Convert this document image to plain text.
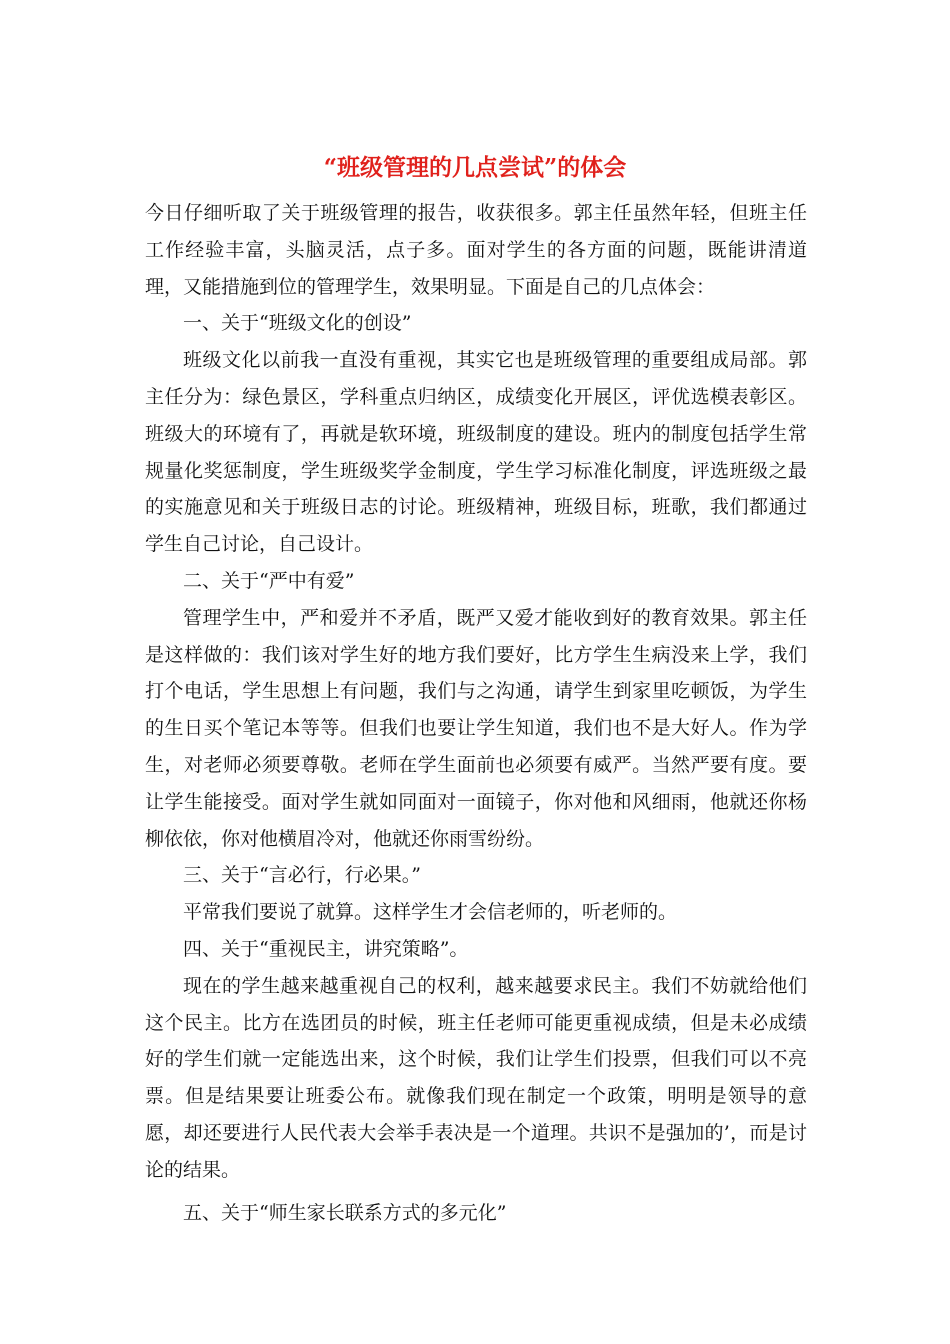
“班级管理的几点尝试”的体会

今日仔细听取了关于班级管理的报告，收获很多。郭主任虽然年轻，但班主任工作经验丰富，头脑灵活，点子多。面对学生的各方面的问题，既能讲清道理，又能措施到位的管理学生，效果明显。下面是自己的几点体会：

一、关于“班级文化的创设”

班级文化以前我一直没有重视，其实它也是班级管理的重要组成局部。郭主任分为：绿色景区，学科重点归纳区，成绩变化开展区，评优选模表彰区。班级大的环境有了，再就是软环境，班级制度的建设。班内的制度包括学生常规量化奖惩制度，学生班级奖学金制度，学生学习标准化制度，评选班级之最的实施意见和关于班级日志的讨论。班级精神，班级目标，班歌，我们都通过学生自己讨论，自己设计。

二、关于“严中有爱”

管理学生中，严和爱并不矛盾，既严又爱才能收到好的教育效果。郭主任是这样做的：我们该对学生好的地方我们要好，比方学生生病没来上学，我们打个电话，学生思想上有问题，我们与之沟通，请学生到家里吃顿饭，为学生的生日买个笔记本等等。但我们也要让学生知道，我们也不是大好人。作为学生，对老师必须要尊敬。老师在学生面前也必须要有威严。当然严要有度。要让学生能接受。面对学生就如同面对一面镜子，你对他和风细雨，他就还你杨柳依依，你对他横眉冷对，他就还你雨雪纷纷。

三、关于“言必行，行必果。”

平常我们要说了就算。这样学生才会信老师的，听老师的。

四、关于“重视民主，讲究策略”。

现在的学生越来越重视自己的权利，越来越要求民主。我们不妨就给他们这个民主。比方在选团员的时候，班主任老师可能更重视成绩，但是未必成绩好的学生们就一定能选出来，这个时候，我们让学生们投票，但我们可以不亮票。但是结果要让班委公布。就像我们现在制定一个政策，明明是领导的意愿，却还要进行人民代表大会举手表决是一个道理。共识不是强加的’，而是讨论的结果。

五、关于“师生家长联系方式的多元化”
